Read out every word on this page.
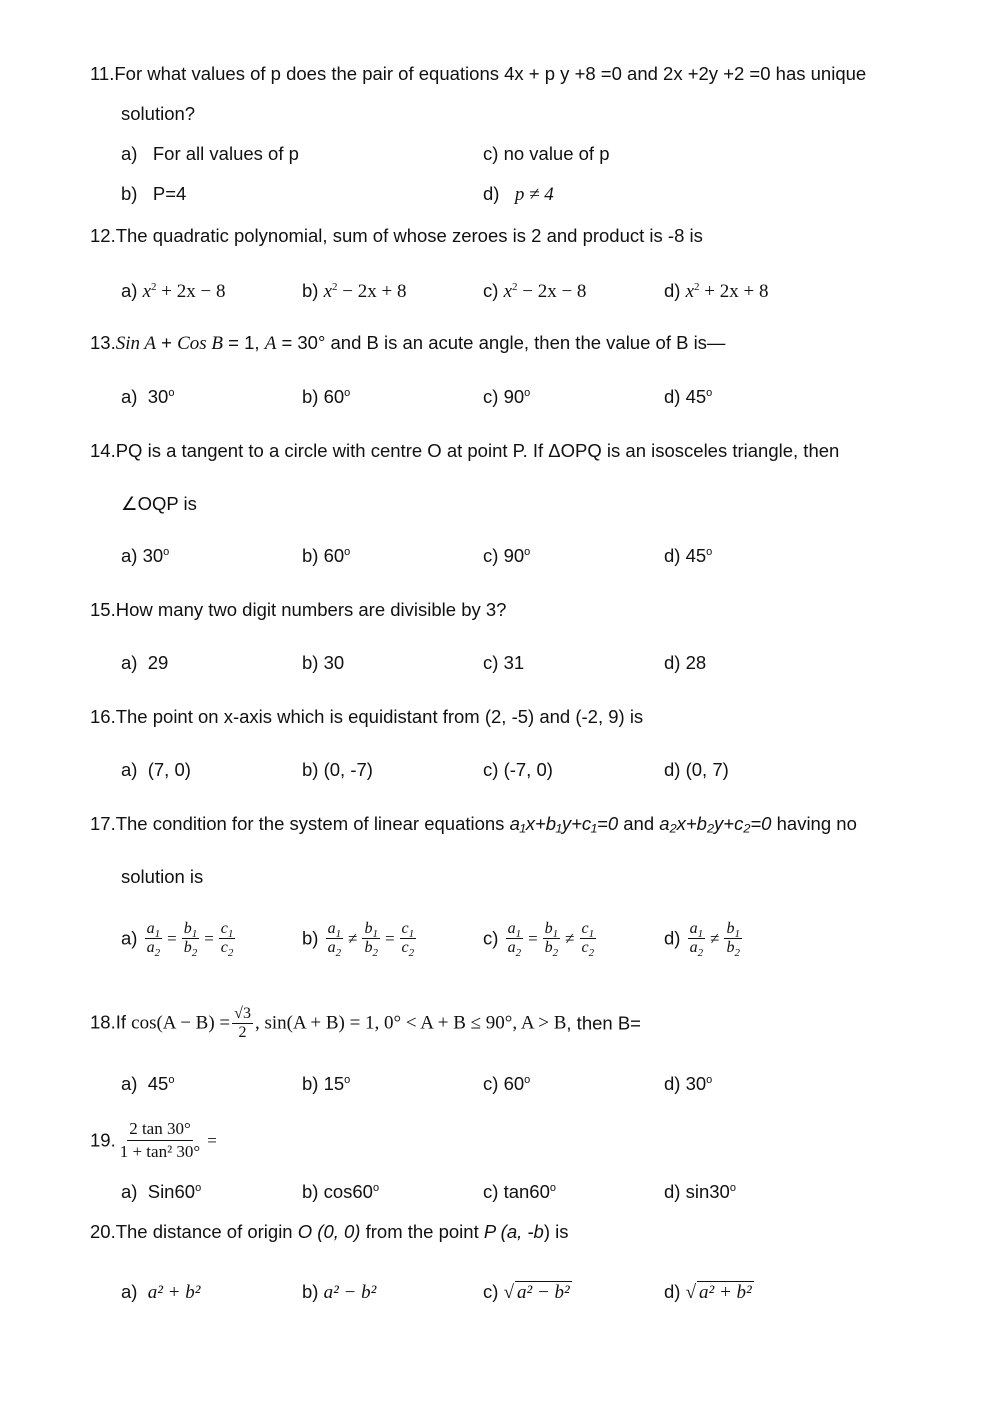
11.For what values of p does the pair of equations 4x + p y +8 =0 and 2x +2y +2 =0 has unique
solution?
a) For all values of p	c) no value of p
b) P=4	d) p ≠ 4
12.The quadratic polynomial, sum of whose zeroes is 2 and product is -8 is
a) $x^2 + 2x - 8$	b) $x^2 - 2x + 8$	c) $x^2 - 2x - 8$	d) $x^2 + 2x + 8$
13.Sin A + Cos B = 1, A = 30° and B is an acute angle, then the value of B is—
a) 30$^o$	b) 60$^o$	c) 90$^o$	d) 45$^o$
14.PQ is a tangent to a circle with centre O at point P. If ΔOPQ is an isosceles triangle, then
∠OQP is
a) 30$^o$	b) 60$^o$	c) 90$^o$	d) 45$^o$
15.How many two digit numbers are divisible by 3?
a) 29	b) 30	c) 31	d) 28
16.The point on x-axis which is equidistant from (2, -5) and (-2, 9) is
a) (7, 0)	b) (0, -7)	c) (-7, 0)	d) (0, 7)
17.The condition for the system of linear equations a₁x+b₁y+c₁=0 and a₂x+b₂y+c₂=0 having no
solution is
$a) \frac{a_1}{a_2} = \frac{b_1}{b_2} = \frac{c_1}{c_2}$	$b) \frac{a_1}{a_2} \ne \frac{b_1}{b_2} = \frac{c_1}{c_2}$	$c) \frac{a_1}{a_2} = \frac{b_1}{b_2} \ne \frac{c_1}{c_2}$	$d) \frac{a_1}{a_2} \ne \frac{b_1}{b_2}$
18.If $\cos(A - B) = \frac{√3}{2}$ , sin(A + B) = 1, 0° < A + B ≤ 90°, A > B, then B=
a) 45$^o$	b) 15$^o$	c) 60$^o$	d) 30$^o$
19. $\frac{2 \tan 30^\circ}{\text{1 + tan² 30°}}$ =
a) Sin60$^o$	b) cos60$^o$	c) tan60$^o$	d) sin30$^o$
20.The distance of origin O (0, 0) from the point P (a, -b) is
a) a² + b²	b) a² − b²	c) √ a² − b²	d) √ a² + b²
